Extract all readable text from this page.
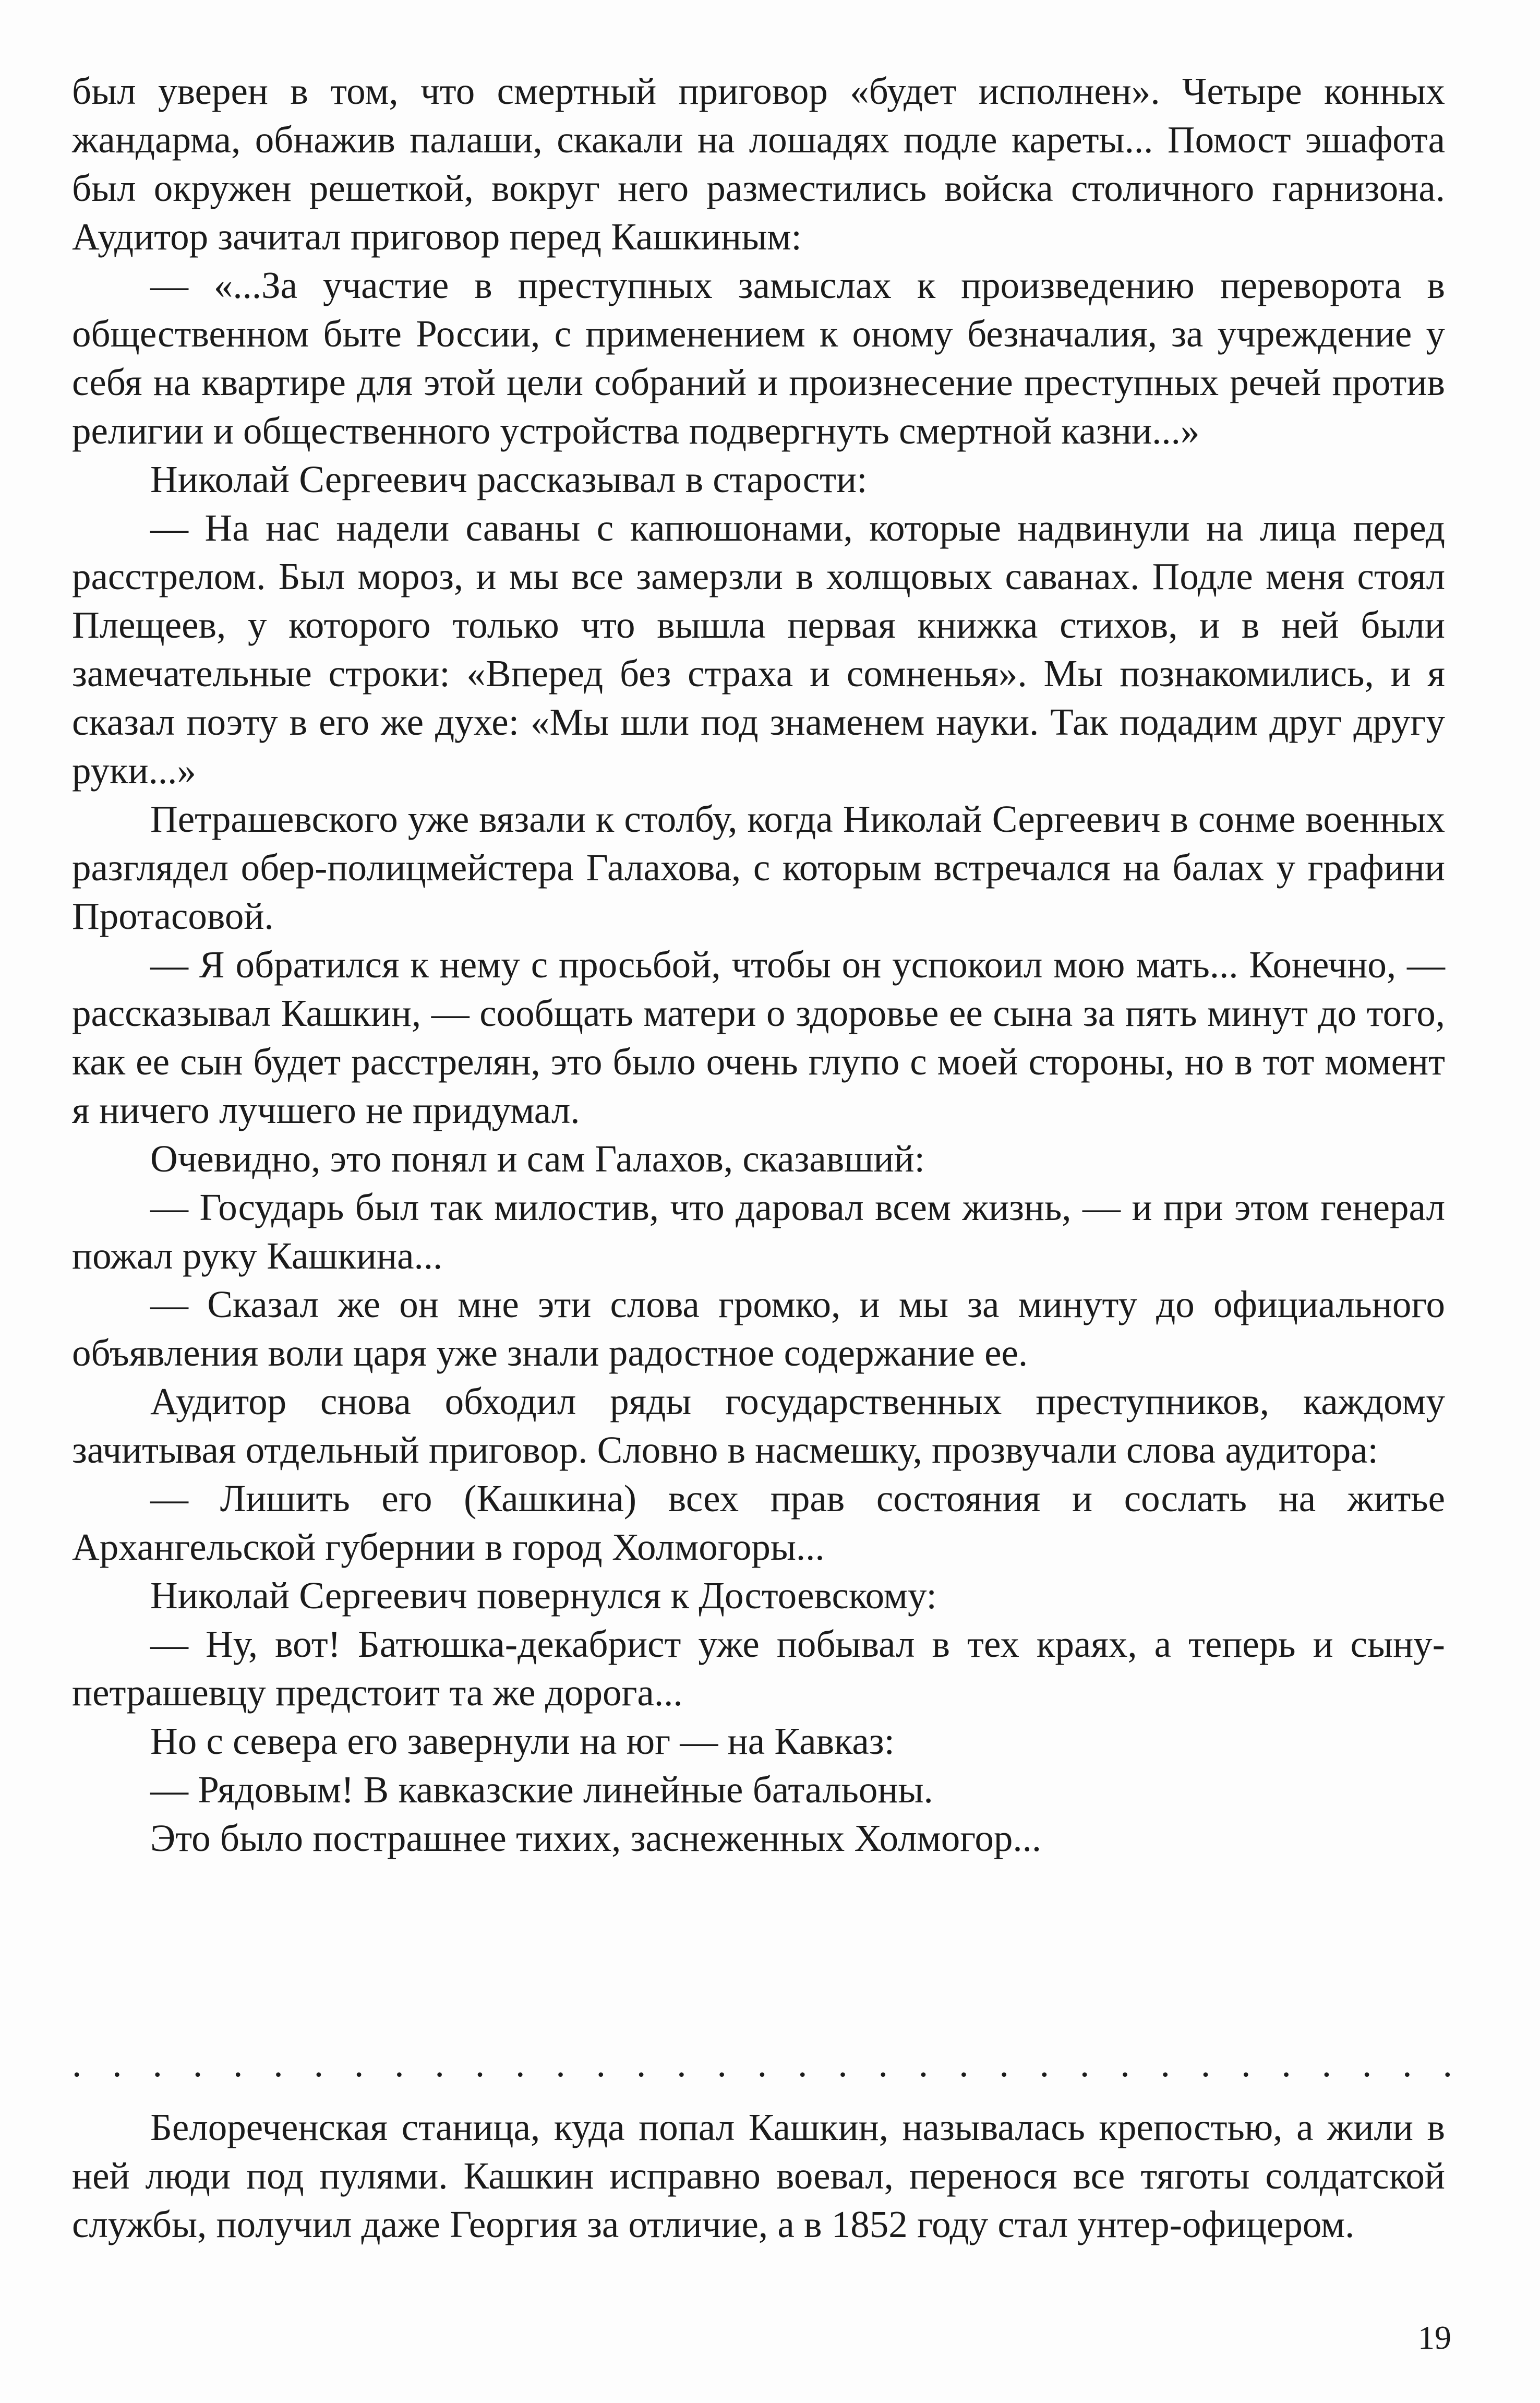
был уверен в том, что смертный приговор «будет исполнен». Четыре конных жандарма, обнажив палаши, скакали на лошадях подле кареты... Помост эшафота был окружен решеткой, вокруг него разместились войска столичного гарнизона. Аудитор зачитал приговор перед Кашкиным:

— «...За участие в преступных замыслах к произведению переворота в общественном быте России, с применением к оному безначалия, за учреждение у себя на квартире для этой цели собраний и произнесение преступных речей против религии и общественного устройства подвергнуть смертной казни...»

Николай Сергеевич рассказывал в старости:

— На нас надели саваны с капюшонами, которые надвинули на лица перед расстрелом. Был мороз, и мы все замерзли в холщовых саванах. Подле меня стоял Плещеев, у которого только что вышла первая книжка стихов, и в ней были замечательные строки: «Вперед без страха и сомненья». Мы познакомились, и я сказал поэту в его же духе: «Мы шли под знаменем науки. Так подадим друг другу руки...»

Петрашевского уже вязали к столбу, когда Николай Сергеевич в сонме военных разглядел обер-полицмейстера Галахова, с которым встречался на балах у графини Протасовой.

— Я обратился к нему с просьбой, чтобы он успокоил мою мать... Конечно, — рассказывал Кашкин, — сообщать матери о здоровье ее сына за пять минут до того, как ее сын будет расстрелян, это было очень глупо с моей стороны, но в тот момент я ничего лучшего не придумал.

Очевидно, это понял и сам Галахов, сказавший:

— Государь был так милостив, что даровал всем жизнь, — и при этом генерал пожал руку Кашкина...

— Сказал же он мне эти слова громко, и мы за минуту до официального объявления воли царя уже знали радостное содержание ее.

Аудитор снова обходил ряды государственных преступников, каждому зачитывая отдельный приговор. Словно в насмешку, прозвучали слова аудитора:

— Лишить его (Кашкина) всех прав состояния и сослать на житье Архангельской губернии в город Холмогоры...

Николай Сергеевич повернулся к Достоевскому:

— Ну, вот! Батюшка-декабрист уже побывал в тех краях, а теперь и сыну-петрашевцу предстоит та же дорога...

Но с севера его завернули на юг — на Кавказ:

— Рядовым! В кавказские линейные батальоны.

Это было пострашнее тихих, заснеженных Холмогор...

. . . . . . . . . . . . . . . . . . . . . . . . . . . . . . . . . . .

Белореченская станица, куда попал Кашкин, называлась крепостью, а жили в ней люди под пулями. Кашкин исправно воевал, перенося все тяготы солдатской службы, получил даже Георгия за отличие, а в 1852 году стал унтер-офицером.

19
